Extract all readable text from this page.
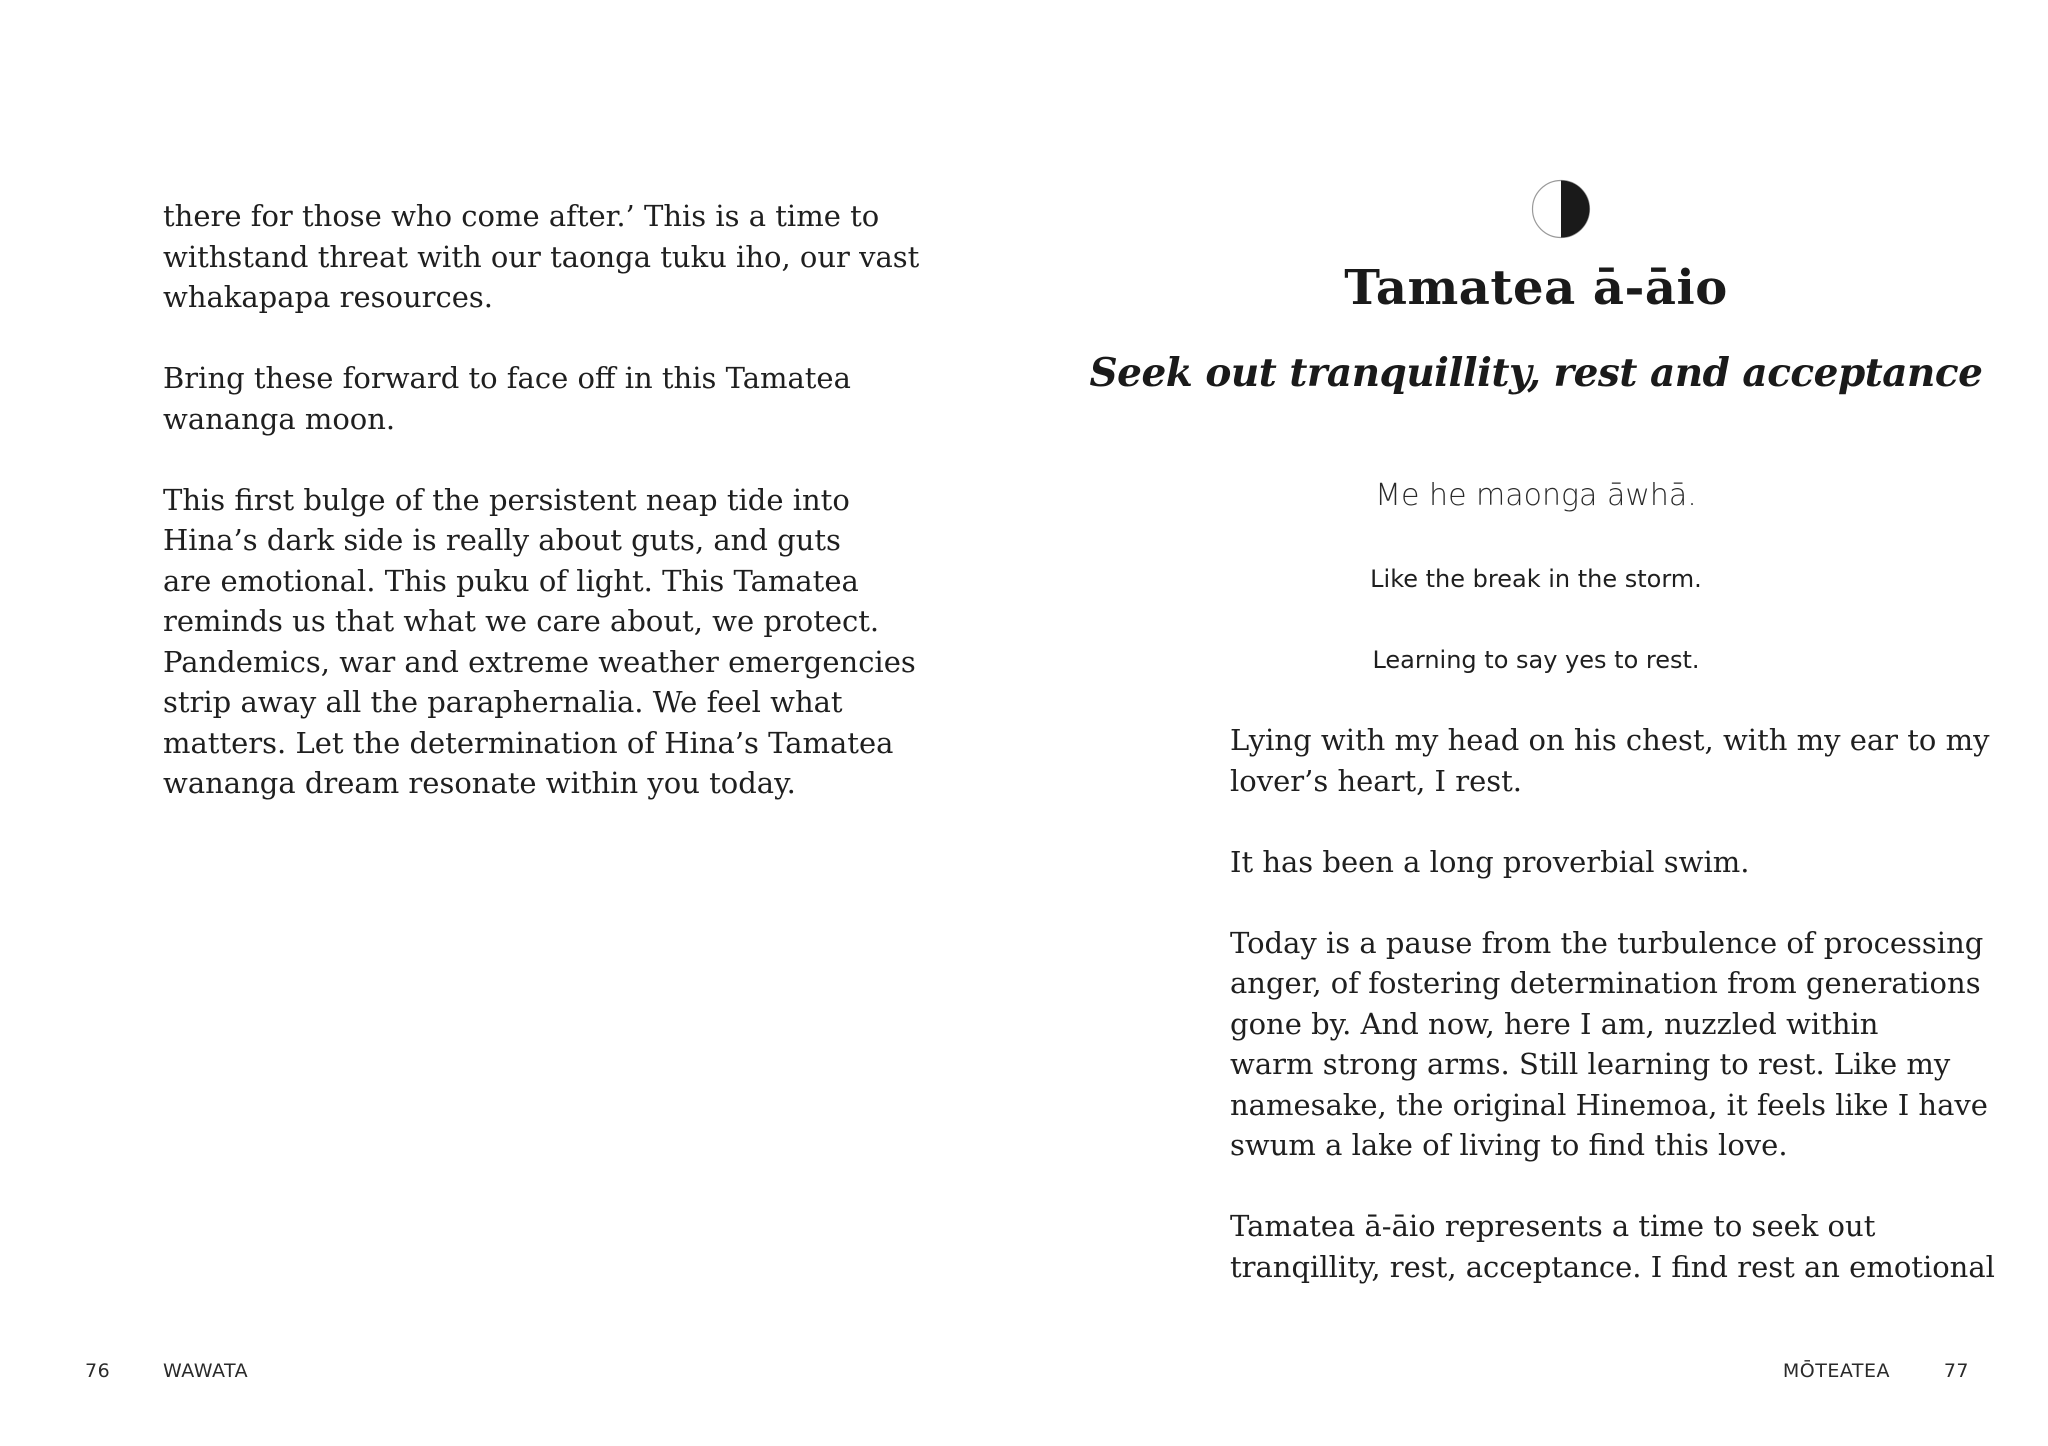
there for those who come after.’ This is a time to
withstand threat with our taonga tuku iho, our vast
whakapapa resources.

Bring these forward to face off in this Tamatea
wananga moon.

This first bulge of the persistent neap tide into
Hina’s dark side is really about guts, and guts
are emotional. This puku of light. This Tamatea
reminds us that what we care about, we protect.
Pandemics, war and extreme weather emergencies
strip away all the paraphernalia. We feel what
matters. Let the determination of Hina’s Tamatea
wananga dream resonate within you today.

Tamatea ā-āio
Seek out tranquillity, rest and acceptance

Me he maonga āwhā.

Like the break in the storm.

Learning to say yes to rest.

Lying with my head on his chest, with my ear to my
lover’s heart, I rest.

It has been a long proverbial swim.

Today is a pause from the turbulence of processing
anger, of fostering determination from generations
gone by. And now, here I am, nuzzled within
warm strong arms. Still learning to rest. Like my
namesake, the original Hinemoa, it feels like I have
swum a lake of living to find this love.

Tamatea ā-āio represents a time to seek out
tranqillity, rest, acceptance. I find rest an emotional

76	WAWATA	MŌTEATEA	77
